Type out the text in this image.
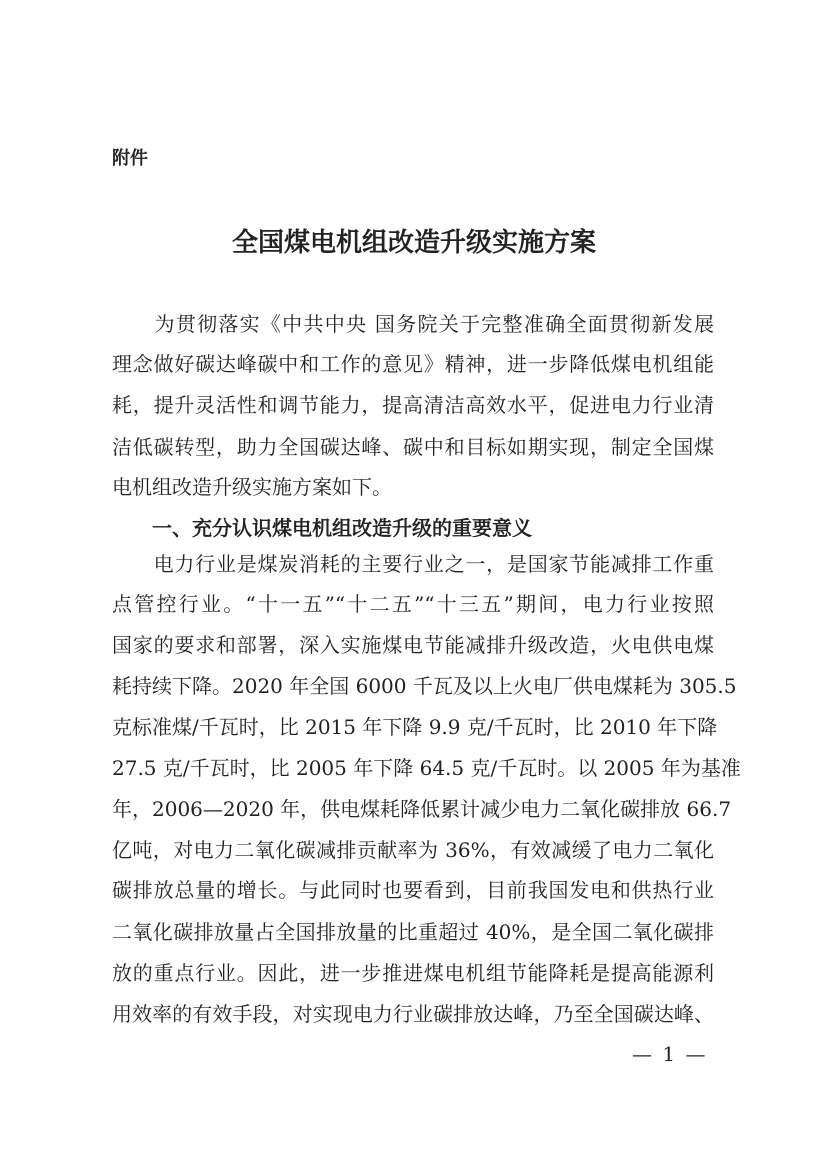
附件
全国煤电机组改造升级实施方案
　　为贯彻落实《中共中央 国务院关于完整准确全面贯彻新发展
理念做好碳达峰碳中和工作的意见》精神，进一步降低煤电机组能
耗，提升灵活性和调节能力，提高清洁高效水平，促进电力行业清
洁低碳转型，助力全国碳达峰、碳中和目标如期实现，制定全国煤
电机组改造升级实施方案如下。
一、充分认识煤电机组改造升级的重要意义
　　电力行业是煤炭消耗的主要行业之一，是国家节能减排工作重
点管控行业。“十一五”“十二五”“十三五”期间，电力行业按照
国家的要求和部署，深入实施煤电节能减排升级改造，火电供电煤
耗持续下降。2020 年全国 6000 千瓦及以上火电厂供电煤耗为 305.5
克标准煤/千瓦时，比 2015 年下降 9.9 克/千瓦时，比 2010 年下降
27.5 克/千瓦时，比 2005 年下降 64.5 克/千瓦时。以 2005 年为基准
年，2006—2020 年，供电煤耗降低累计减少电力二氧化碳排放 66.7
亿吨，对电力二氧化碳减排贡献率为 36%，有效减缓了电力二氧化
碳排放总量的增长。与此同时也要看到，目前我国发电和供热行业
二氧化碳排放量占全国排放量的比重超过 40%，是全国二氧化碳排
放的重点行业。因此，进一步推进煤电机组节能降耗是提高能源利
用效率的有效手段，对实现电力行业碳排放达峰，乃至全国碳达峰、
— 1 —
